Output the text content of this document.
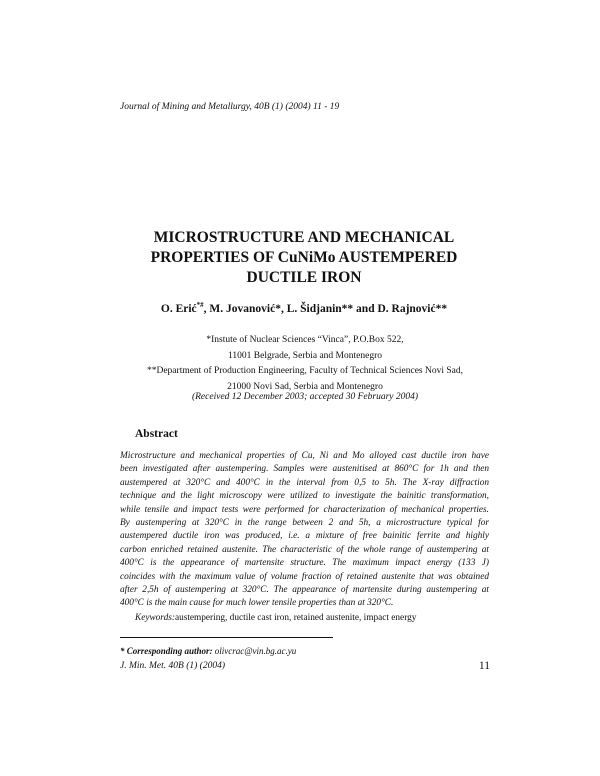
Journal of Mining and Metallurgy, 40B (1) (2004) 11 - 19
MICROSTRUCTURE AND MECHANICAL
PROPERTIES OF CuNiMo AUSTEMPERED
DUCTILE IRON
O. Erić*#, M. Jovanović*, L. Šidjanin** and D. Rajnović**
*Instute of Nuclear Sciences “Vinca”, P.O.Box 522,
11001 Belgrade, Serbia and Montenegro
**Department of Production Engineering, Faculty of Technical Sciences Novi Sad,
21000 Novi Sad, Serbia and Montenegro
(Received 12 December 2003; accepted 30 February 2004)
Abstract
Microstructure and mechanical properties of Cu, Ni and Mo alloyed cast ductile iron have
been investigated after austempering. Samples were austenitised at 860°C for 1h and then
austempered at 320°C and 400°C in the interval from 0,5 to 5h. The X-ray diffraction
technique and the light microscopy were utilized to investigate the bainitic transformation,
while tensile and impact tests were performed for characterization of mechanical properties.
By austempering at 320°C in the range between 2 and 5h, a microstructure typical for
austempered ductile iron was produced, i.e. a mixture of free bainitic ferrite and highly
carbon enriched retained austenite. The characteristic of the whole range of austempering at
400°C is the appearance of martensite structure. The maximum impact energy (133 J)
coincides with the maximum value of volume fraction of retained austenite that was obtained
after 2,5h of austempering at 320°C. The appearance of martensite during austempering at
400°C is the main cause for much lower tensile properties than at 320°C.
Keywords:austempering, ductile cast iron, retained austenite, impact energy
* Corresponding author: olivcrac@vin.bg.ac.yu
J. Min. Met. 40B (1) (2004)	11
